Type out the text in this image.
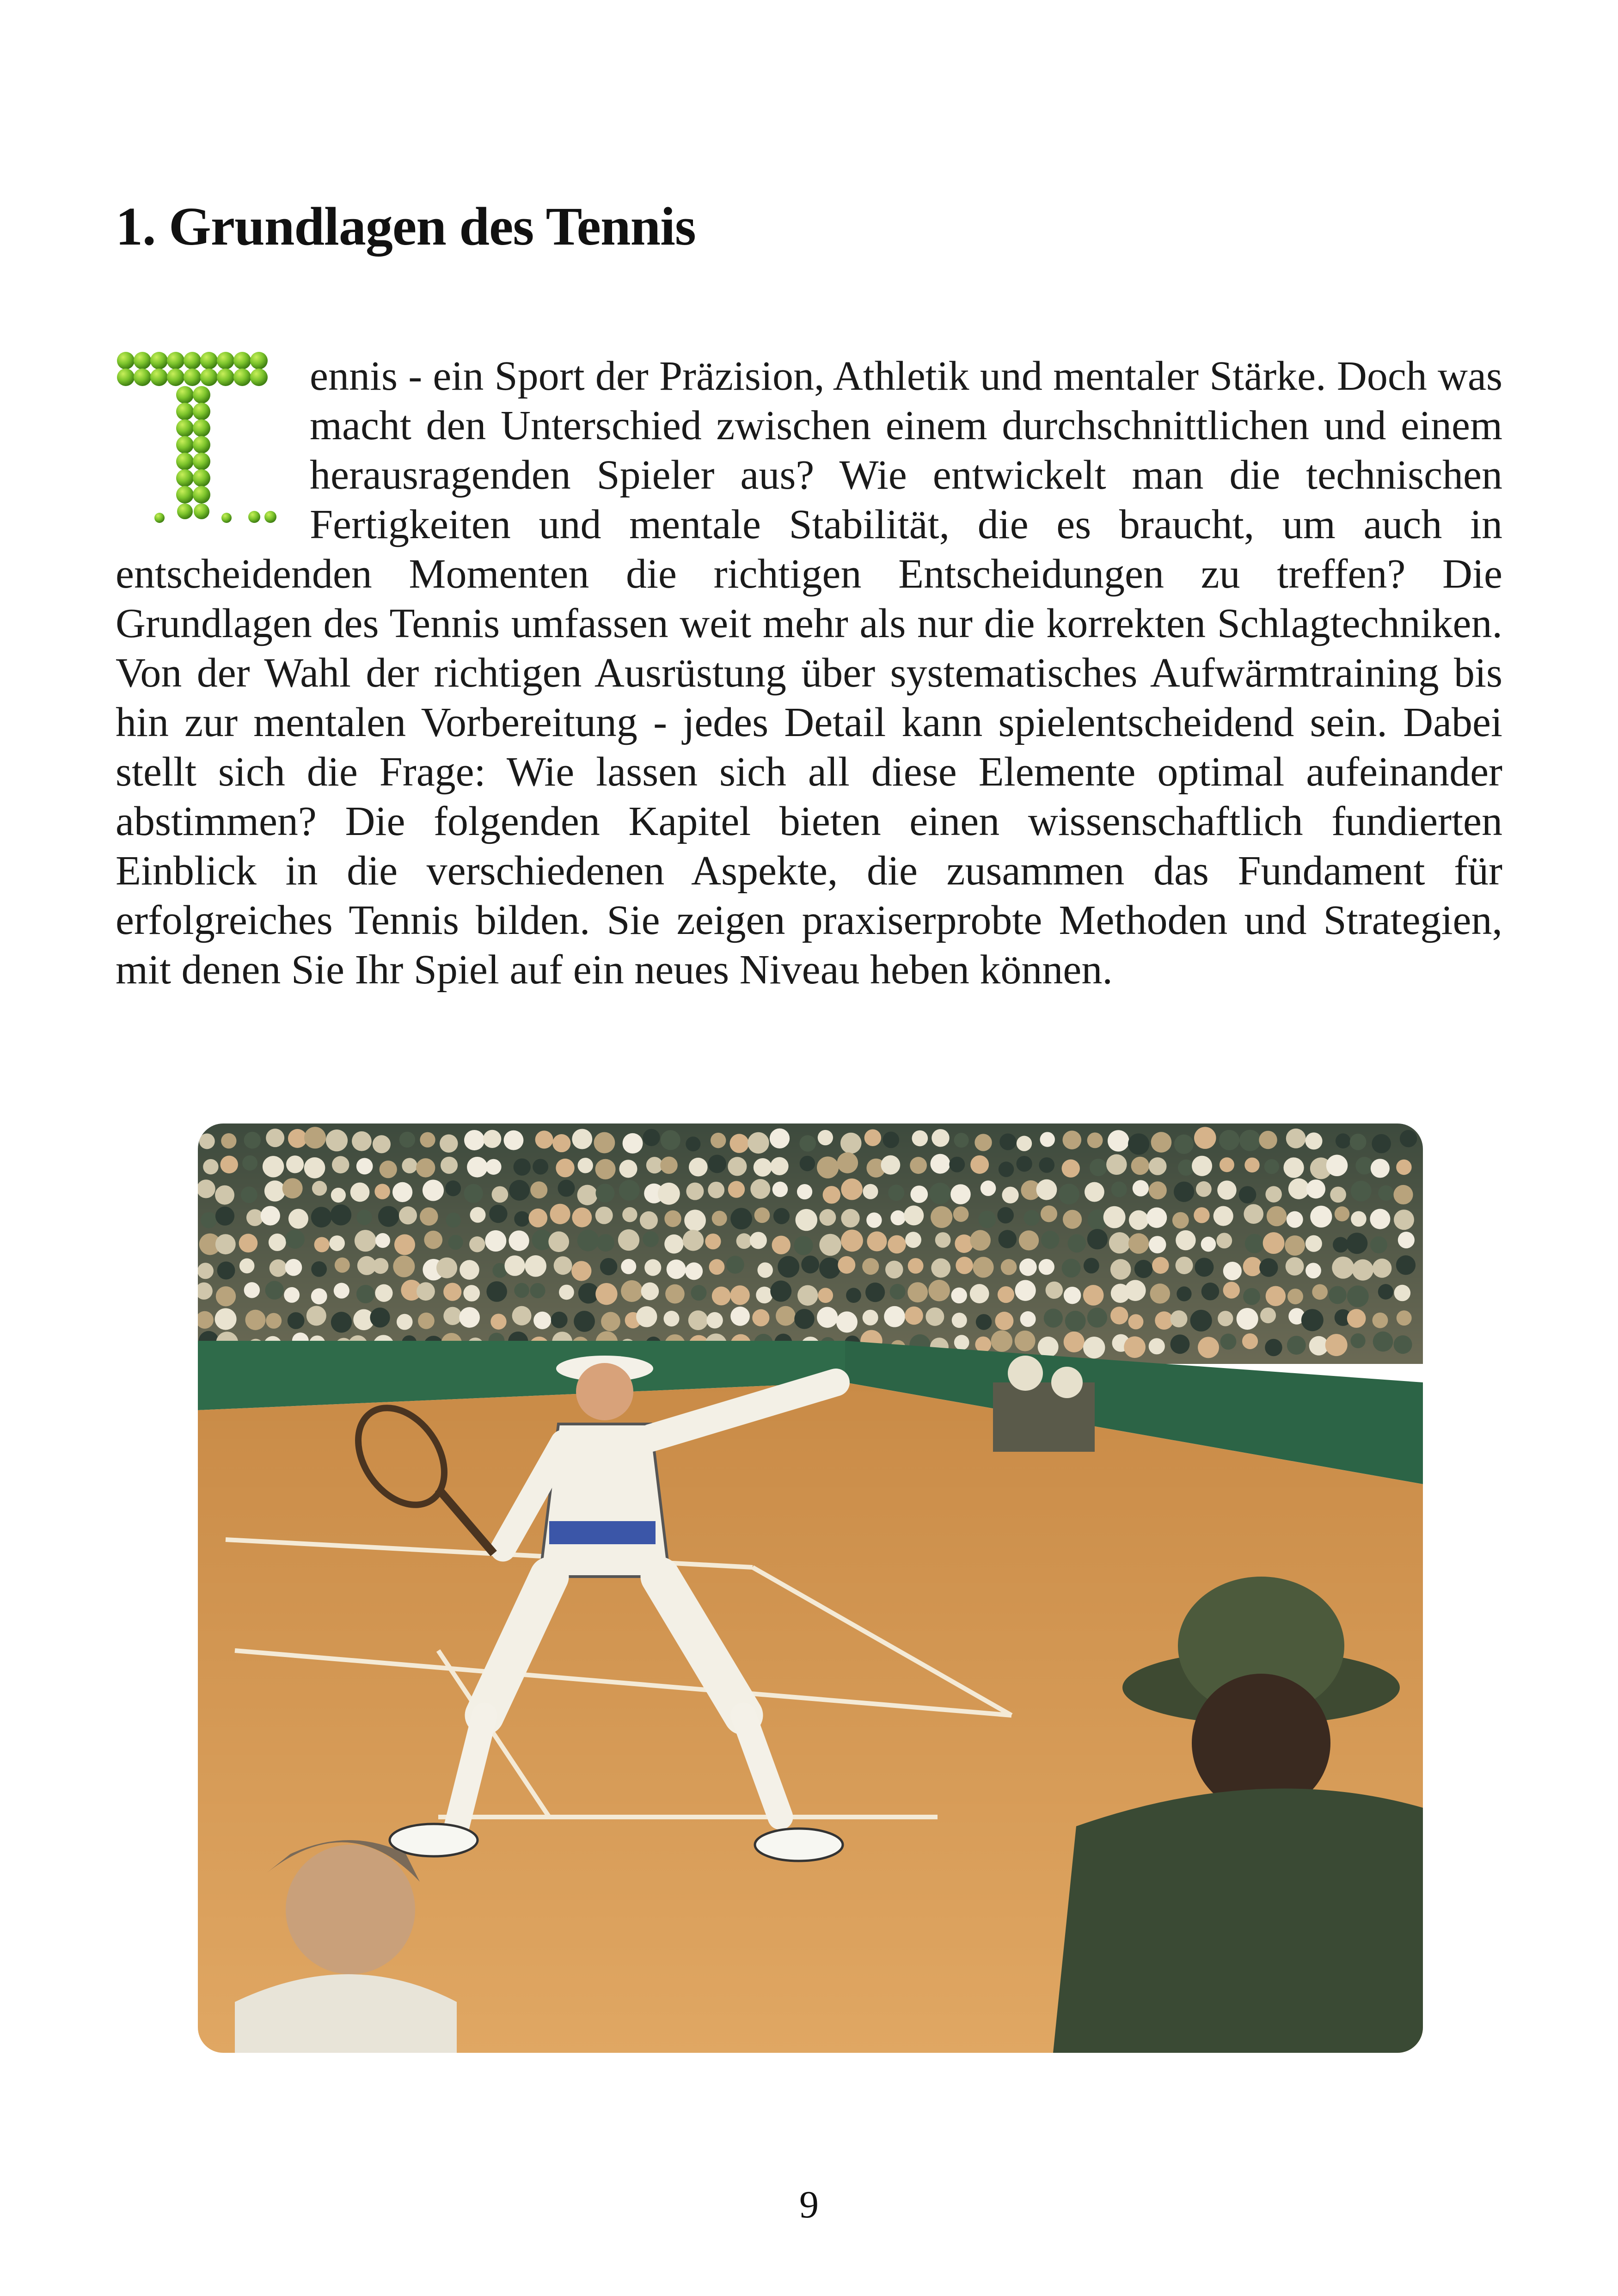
1. Grundlagen des Tennis

ennis - ein Sport der Präzision, Athletik und mentaler Stärke. Doch was macht den Unterschied zwischen einem durchschnittlichen und einem herausragenden Spieler aus? Wie entwickelt man die technischen Fertigkeiten und mentale Stabilität, die es braucht, um auch in entscheidenden Momenten die richtigen Entscheidungen zu treffen? Die Grundlagen des Tennis umfassen weit mehr als nur die korrekten Schlagtechniken. Von der Wahl der richtigen Ausrüstung über systematisches Aufwärmtraining bis hin zur mentalen Vorbereitung - jedes Detail kann spielentscheidend sein. Dabei stellt sich die Frage: Wie lassen sich all diese Elemente optimal aufeinander abstimmen? Die folgenden Kapitel bieten einen wissenschaftlich fundierten Einblick in die verschiedenen Aspekte, die zusammen das Fundament für erfolgreiches Tennis bilden. Sie zeigen praxiserprobte Methoden und Strategien, mit denen Sie Ihr Spiel auf ein neues Niveau heben können.

9
